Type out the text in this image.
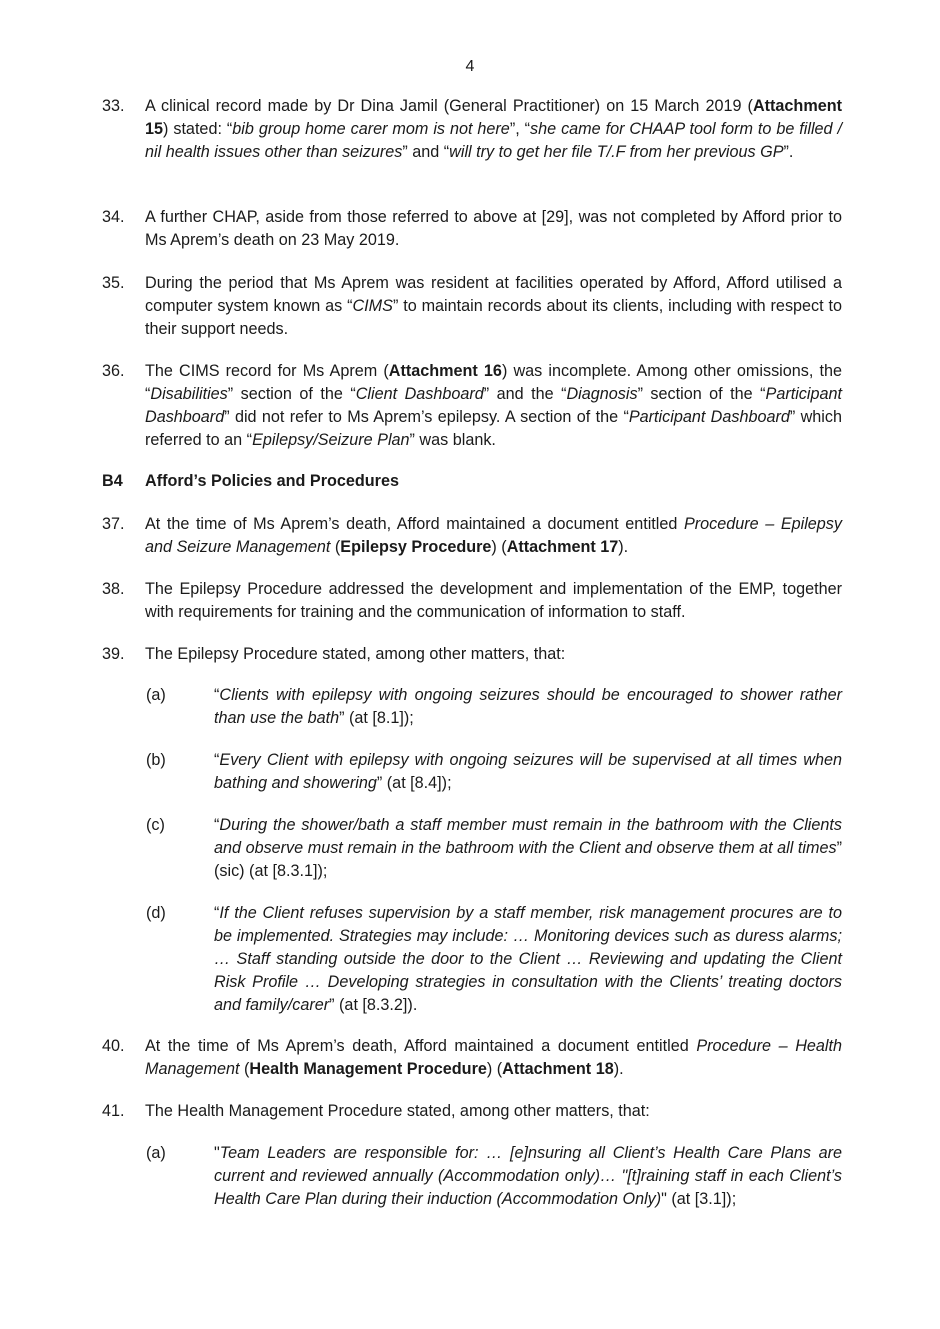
4
33.	A clinical record made by Dr Dina Jamil (General Practitioner) on 15 March 2019 (Attachment 15) stated: “bib group home carer mom is not here”, “she came for CHAAP tool form to be filled / nil health issues other than seizures” and “will try to get her file T/.F from her previous GP”.
34.	A further CHAP, aside from those referred to above at [29], was not completed by Afford prior to Ms Aprem’s death on 23 May 2019.
35.	During the period that Ms Aprem was resident at facilities operated by Afford, Afford utilised a computer system known as “CIMS” to maintain records about its clients, including with respect to their support needs.
36.	The CIMS record for Ms Aprem (Attachment 16) was incomplete. Among other omissions, the “Disabilities” section of the “Client Dashboard” and the “Diagnosis” section of the “Participant Dashboard” did not refer to Ms Aprem’s epilepsy. A section of the “Participant Dashboard” which referred to an “Epilepsy/Seizure Plan” was blank.
B4 Afford’s Policies and Procedures
37.	At the time of Ms Aprem’s death, Afford maintained a document entitled Procedure – Epilepsy and Seizure Management (Epilepsy Procedure) (Attachment 17).
38.	The Epilepsy Procedure addressed the development and implementation of the EMP, together with requirements for training and the communication of information to staff.
39.	The Epilepsy Procedure stated, among other matters, that:
(a)	“Clients with epilepsy with ongoing seizures should be encouraged to shower rather than use the bath” (at [8.1]);
(b)	“Every Client with epilepsy with ongoing seizures will be supervised at all times when bathing and showering” (at [8.4]);
(c)	“During the shower/bath a staff member must remain in the bathroom with the Clients and observe must remain in the bathroom with the Client and observe them at all times” (sic) (at [8.3.1]);
(d)	“If the Client refuses supervision by a staff member, risk management procures are to be implemented. Strategies may include: … Monitoring devices such as duress alarms; … Staff standing outside the door to the Client … Reviewing and updating the Client Risk Profile … Developing strategies in consultation with the Clients’ treating doctors and family/carer” (at [8.3.2]).
40.	At the time of Ms Aprem’s death, Afford maintained a document entitled Procedure – Health Management (Health Management Procedure) (Attachment 18).
41.	The Health Management Procedure stated, among other matters, that:
(a)	"Team Leaders are responsible for: … [e]nsuring all Client’s Health Care Plans are current and reviewed annually (Accommodation only)… "[t]raining staff in each Client’s Health Care Plan during their induction (Accommodation Only)" (at [3.1]);
